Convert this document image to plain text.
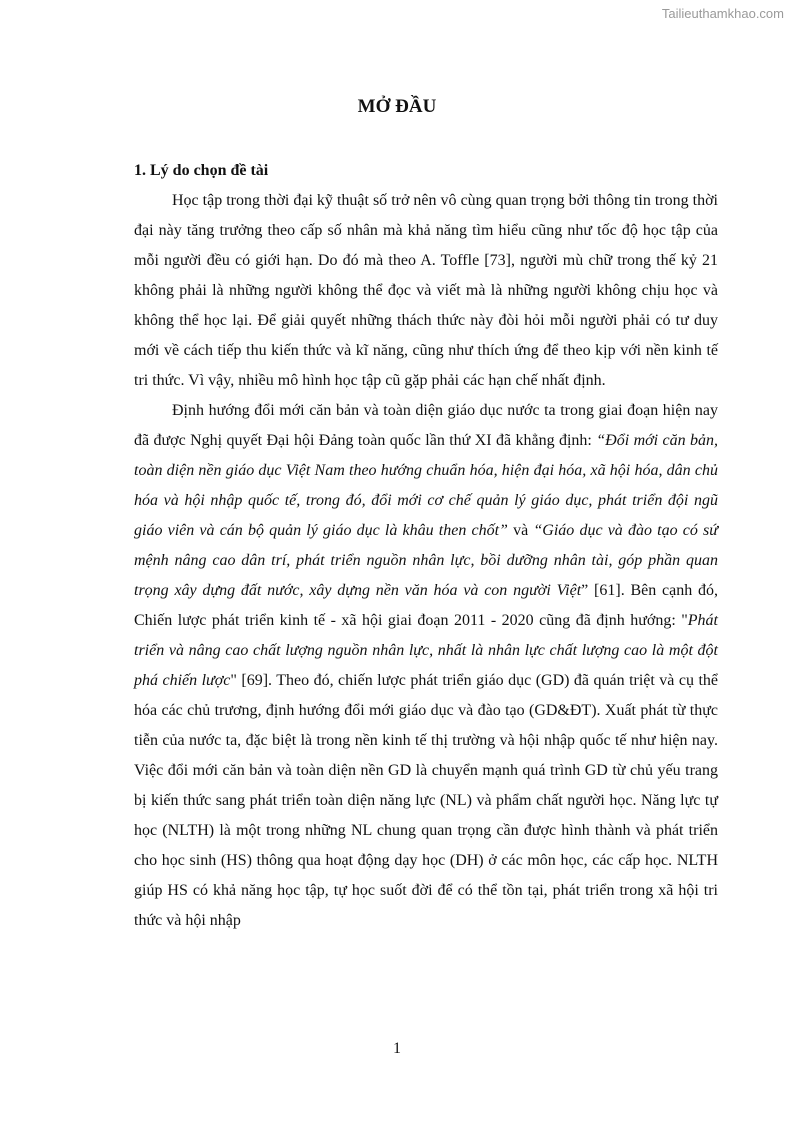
Tailieuthamkhao.com
MỞ ĐẦU
1. Lý do chọn đề tài

Học tập trong thời đại kỹ thuật số trở nên vô cùng quan trọng bởi thông tin trong thời đại này tăng trưởng theo cấp số nhân mà khả năng tìm hiểu cũng như tốc độ học tập của mỗi người đều có giới hạn. Do đó mà theo A. Toffle [73], người mù chữ trong thế kỷ 21 không phải là những người không thể đọc và viết mà là những người không chịu học và không thể học lại. Để giải quyết những thách thức này đòi hỏi mỗi người phải có tư duy mới về cách tiếp thu kiến thức và kĩ năng, cũng như thích ứng để theo kịp với nền kinh tế tri thức. Vì vậy, nhiều mô hình học tập cũ gặp phải các hạn chế nhất định.

Định hướng đổi mới căn bản và toàn diện giáo dục nước ta trong giai đoạn hiện nay đã được Nghị quyết Đại hội Đảng toàn quốc lần thứ XI đã khẳng định: “Đổi mới căn bản, toàn diện nền giáo dục Việt Nam theo hướng chuẩn hóa, hiện đại hóa, xã hội hóa, dân chủ hóa và hội nhập quốc tế, trong đó, đổi mới cơ chế quản lý giáo dục, phát triển đội ngũ giáo viên và cán bộ quản lý giáo dục là khâu then chốt” và “Giáo dục và đào tạo có sứ mệnh nâng cao dân trí, phát triển nguồn nhân lực, bồi dưỡng nhân tài, góp phần quan trọng xây dựng đất nước, xây dựng nền văn hóa và con người Việt” [61]. Bên cạnh đó, Chiến lược phát triển kinh tế - xã hội giai đoạn 2011 - 2020 cũng đã định hướng: "Phát triển và nâng cao chất lượng nguồn nhân lực, nhất là nhân lực chất lượng cao là một đột phá chiến lược" [69]. Theo đó, chiến lược phát triển giáo dục (GD) đã quán triệt và cụ thể hóa các chủ trương, định hướng đổi mới giáo dục và đào tạo (GD&ĐT). Xuất phát từ thực tiễn của nước ta, đặc biệt là trong nền kinh tế thị trường và hội nhập quốc tế như hiện nay. Việc đổi mới căn bản và toàn diện nền GD là chuyển mạnh quá trình GD từ chủ yếu trang bị kiến thức sang phát triển toàn diện năng lực (NL) và phẩm chất người học. Năng lực tự học (NLTH) là một trong những NL chung quan trọng cần được hình thành và phát triển cho học sinh (HS) thông qua hoạt động dạy học (DH) ở các môn học, các cấp học. NLTH giúp HS có khả năng học tập, tự học suốt đời để có thể tồn tại, phát triển trong xã hội tri thức và hội nhập

1
